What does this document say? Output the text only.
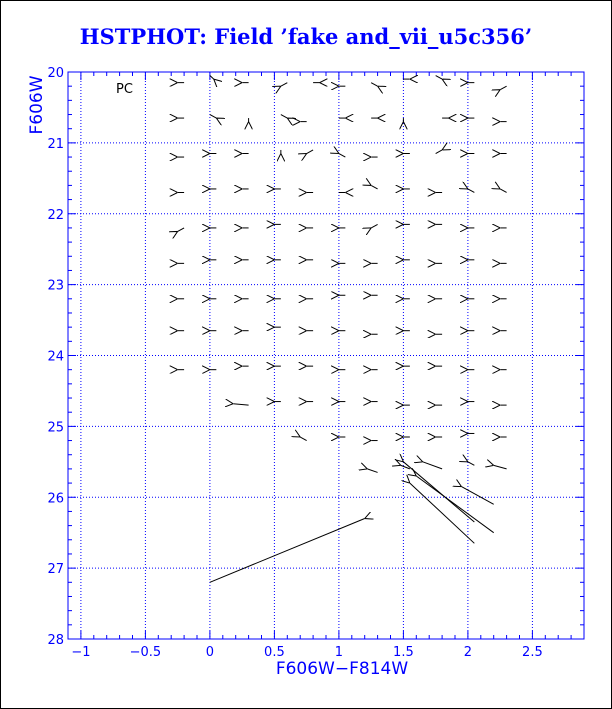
HSTPHOT: Field ’fake and_vii_u5c356’
−1	−0.5	0	0.5	1	1.5	2	2.5
20
21
22
23
24
25
26
27
28
PC
F606W−F814W
F606W
